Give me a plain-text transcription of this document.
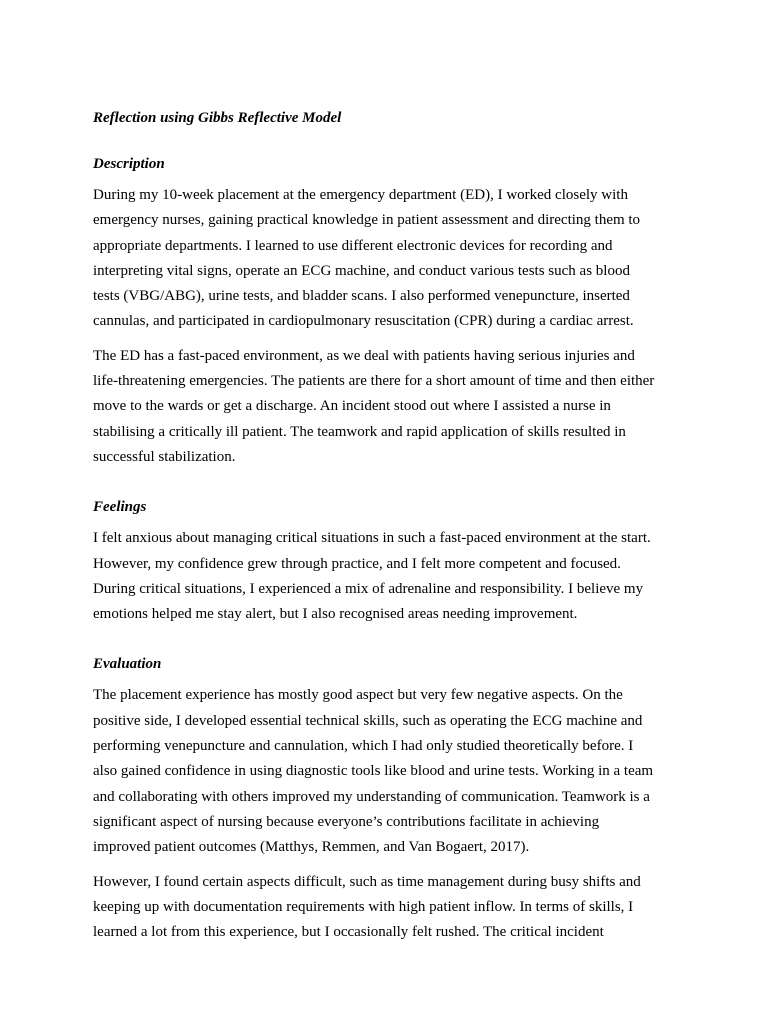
Reflection using Gibbs Reflective Model
Description
During my 10-week placement at the emergency department (ED), I worked closely with
emergency nurses, gaining practical knowledge in patient assessment and directing them to
appropriate departments. I learned to use different electronic devices for recording and
interpreting vital signs, operate an ECG machine, and conduct various tests such as blood
tests (VBG/ABG), urine tests, and bladder scans. I also performed venepuncture, inserted
cannulas, and participated in cardiopulmonary resuscitation (CPR) during a cardiac arrest.
The ED has a fast-paced environment, as we deal with patients having serious injuries and
life-threatening emergencies. The patients are there for a short amount of time and then either
move to the wards or get a discharge. An incident stood out where I assisted a nurse in
stabilising a critically ill patient. The teamwork and rapid application of skills resulted in
successful stabilization.
Feelings
I felt anxious about managing critical situations in such a fast-paced environment at the start.
However, my confidence grew through practice, and I felt more competent and focused.
During critical situations, I experienced a mix of adrenaline and responsibility. I believe my
emotions helped me stay alert, but I also recognised areas needing improvement.
Evaluation
The placement experience has mostly good aspect but very few negative aspects. On the
positive side, I developed essential technical skills, such as operating the ECG machine and
performing venepuncture and cannulation, which I had only studied theoretically before. I
also gained confidence in using diagnostic tools like blood and urine tests. Working in a team
and collaborating with others improved my understanding of communication. Teamwork is a
significant aspect of nursing because everyone’s contributions facilitate in achieving
improved patient outcomes (Matthys, Remmen, and Van Bogaert, 2017).
However, I found certain aspects difficult, such as time management during busy shifts and
keeping up with documentation requirements with high patient inflow. In terms of skills, I
learned a lot from this experience, but I occasionally felt rushed. The critical incident
